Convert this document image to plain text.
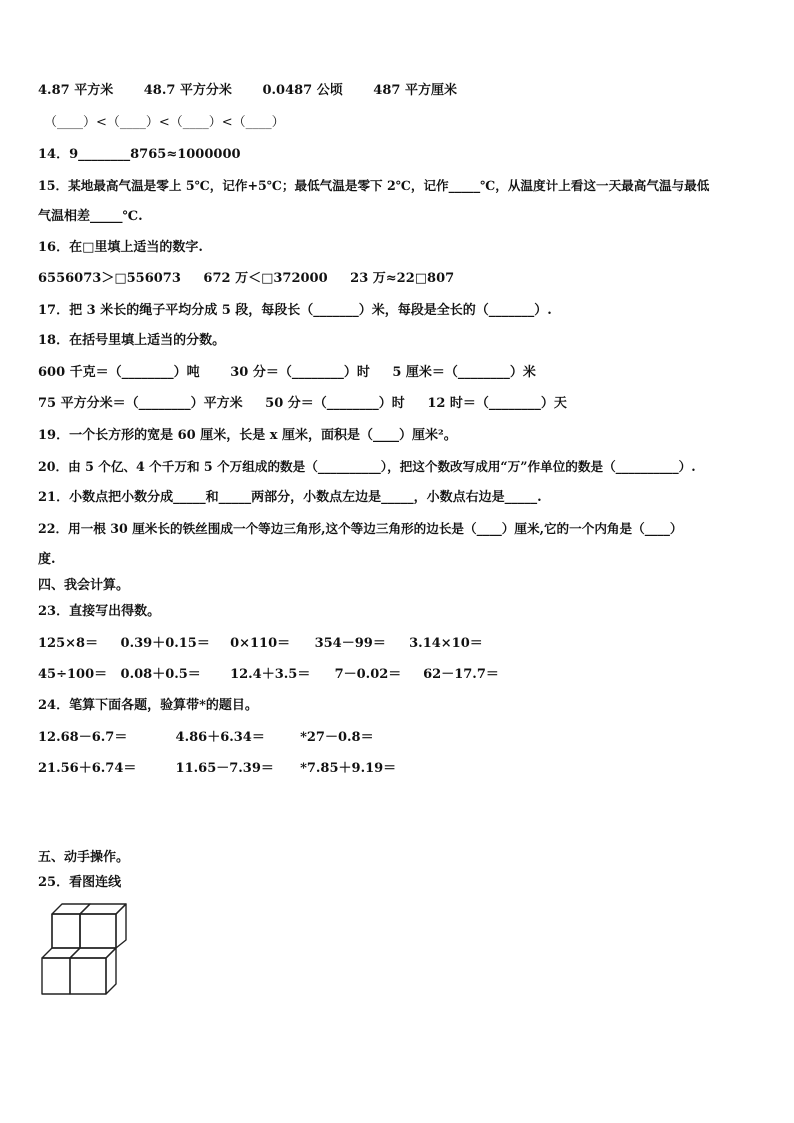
4.87 平方米 48.7 平方分米 0.0487 公顷 487 平方厘米
（____）<（____）<（____）<（____）
14．9________8765≈1000000
15．某地最高气温是零上 5℃，记作+5℃；最低气温是零下 2℃，记作_____℃，从温度计上看这一天最高气温与最低
气温相差_____℃.
16．在□里填上适当的数字.
6556073＞□556073 672 万＜□372000 23 万≈22□807
17．把 3 米长的绳子平均分成 5 段，每段长（_______）米，每段是全长的（_______）.
18．在括号里填上适当的分数。
600 千克＝（________）吨 30 分＝（________）时 5 厘米＝（________）米
75 平方分米＝（________）平方米 50 分＝（________）时 12 时＝（________）天
19．一个长方形的宽是 60 厘米，长是 x 厘米，面积是（____）厘米²。
20．由 5 个亿、4 个千万和 5 个万组成的数是（__________），把这个数改写成用“万”作单位的数是（__________）.
21．小数点把小数分成_____和_____两部分，小数点左边是_____，小数点右边是_____.
22．用一根 30 厘米长的铁丝围成一个等边三角形,这个等边三角形的边长是（____）厘米,它的一个内角是（____）
度.
四、我会计算。
23．直接写出得数。
125×8＝ 0.39＋0.15＝ 0×110＝ 354－99＝ 3.14×10＝
45÷100＝ 0.08＋0.5＝ 12.4＋3.5＝ 7－0.02＝ 62－17.7＝
24．笔算下面各题，验算带*的题目。
12.68－6.7＝	4.86＋6.34＝	*27－0.8＝
21.56＋6.74＝	11.65－7.39＝ *7.85＋9.19＝
五、动手操作。
25．看图连线
